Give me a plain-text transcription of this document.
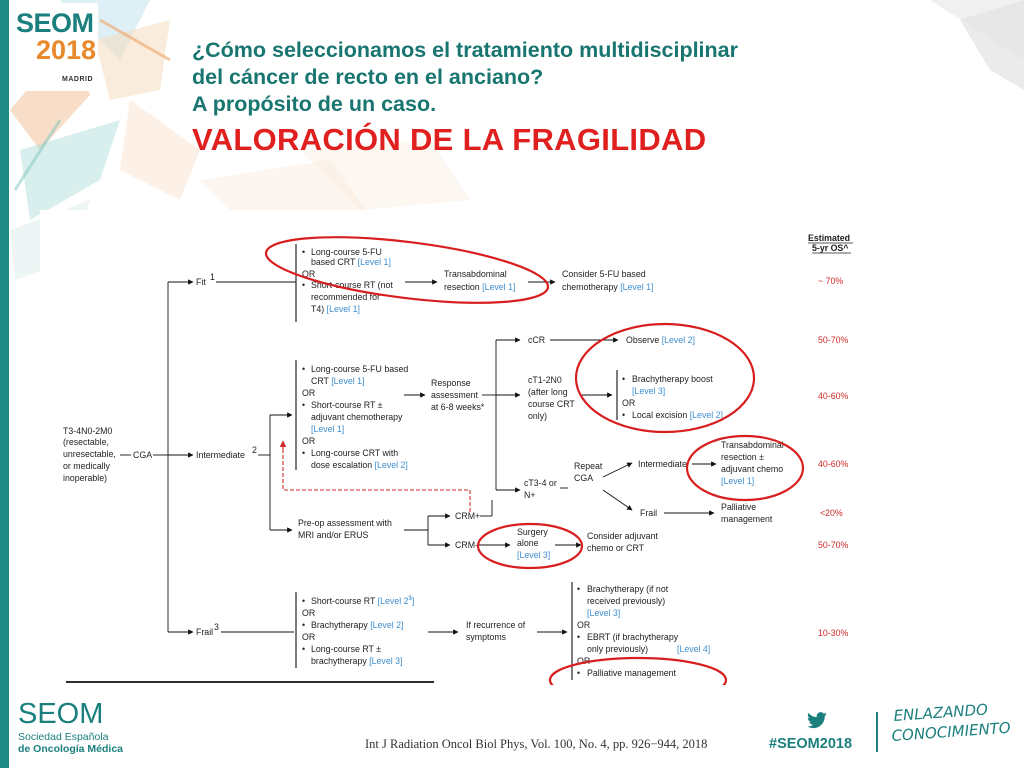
SEOM
2018
MADRID
¿Cómo seleccionamos el tratamiento multidisciplinar
del cáncer de recto en el anciano?
A propósito de un caso.
VALORACIÓN DE LA FRAGILIDAD
Estimated
5-yr OS^
T3-4N0-2M0
(resectable,
unresectable,
or medically
inoperable)
CGA
Fit 1
• Long-course 5-FU
based CRT [Level 1]
OR
• Short-course RT (not
recommended for
T4) [Level 1]
Transabdominal
resection [Level 1]
Consider 5-FU based
chemotherapy [Level 1]
Intermediate 2
• Long-course 5-FU based
CRT [Level 1]
OR
• Short-course RT ±
adjuvant chemotherapy
[Level 1]
OR
• Long-course CRT with
dose escalation [Level 2]
Response
assessment
at 6-8 weeks*
cCR	Observe [Level 2]
cT1-2N0
(after long
course CRT
only)
• Brachytherapy boost
[Level 3]
OR
• Local excision [Level 2]
cT3-4 or
N+
Repeat
CGA
Intermediate
Transabdominal
resection ±
adjuvant chemo
[Level 1]
Frail
Palliative
management
Pre-op assessment with
MRI and/or ERUS
CRM+
CRM-
Surgery
alone
[Level 3]
Consider adjuvant
chemo or CRT
Frail 3
• Short-course RT [Level 2$]
OR
• Brachytherapy [Level 2]
OR
• Long-course RT ±
brachytherapy [Level 3]
If recurrence of
symptoms
• Brachytherapy (if not
received previously)
[Level 3]
OR
• EBRT (if brachytherapy
only previously)	[Level 4]
OR
• Palliative management
~ 70%
50-70%
40-60%
40-60%
<20%
50-70%
10-30%
SEOM
Sociedad Española
de Oncología Médica	Int J Radiation Oncol Biol Phys, Vol. 100, No. 4, pp. 926−944, 2018	#SEOM2018
ENLAZANDO
CONOCIMIENTO
